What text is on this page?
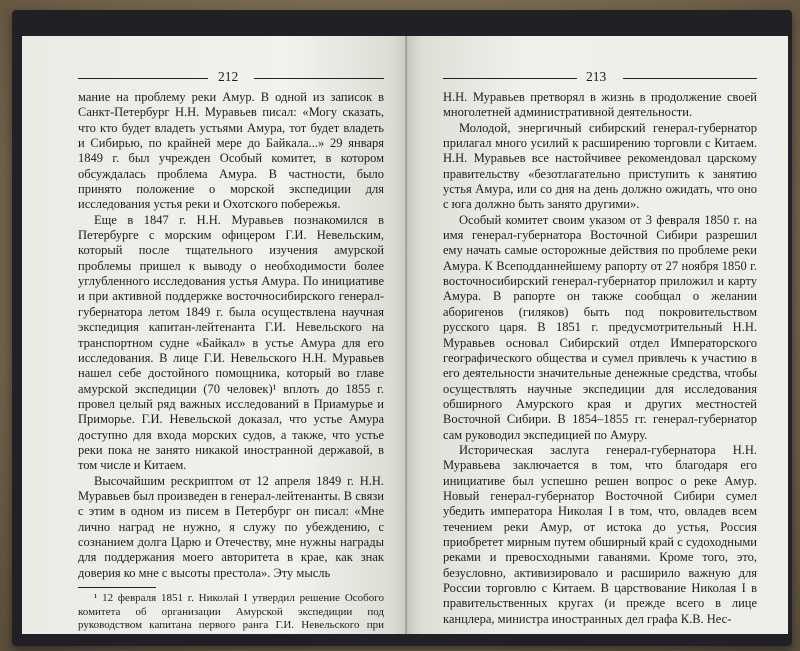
212

мание на проблему реки Амур. В одной из записок в Санкт-Петербург Н.Н. Муравьев писал: «Могу сказать, что кто будет владеть устьями Амура, тот будет владеть и Сибирью, по крайней мере до Байкала...» 29 января 1849 г. был учрежден Особый комитет, в котором обсуждалась проблема Амура. В частности, было принято положение о морской экспедиции для исследования устья реки и Охотского побережья.

Еще в 1847 г. Н.Н. Муравьев познакомился в Петербурге с морским офицером Г.И. Невельским, который после тщательного изучения амурской проблемы пришел к выводу о необходимости более углубленного исследования устья Амура. По инициативе и при активной поддержке восточносибирского генерал-губернатора летом 1849 г. была осуществлена научная экспедиция капитан-лейтенанта Г.И. Невельского на транспортном судне «Байкал» в устье Амура для его исследования. В лице Г.И. Невельского Н.Н. Муравьев нашел себе достойного помощника, который во главе амурской экспедиции (70 человек)¹ вплоть до 1855 г. провел целый ряд важных исследований в Приамурье и Приморье. Г.И. Невельской доказал, что устье Амура доступно для входа морских судов, а также, что устье реки пока не занято никакой иностранной державой, в том числе и Китаем.

Высочайшим рескриптом от 12 апреля 1849 г. Н.Н. Муравьев был произведен в генерал-лейтенанты. В связи с этим в одном из писем в Петербург он писал: «Мне лично наград не нужно, я служу по убеждению, с сознанием долга Царю и Отечеству, мне нужны награды для поддержания моего авторитета в крае, как знак доверия ко мне с высоты престола». Эту мысль

¹ 12 февраля 1851 г. Николай I утвердил решение Особого комитета об организации Амурской экспедиции под руководством капитана первого ранга Г.И. Невельского при надзоре генерал-губернатора Восточной Сибири.

213

Н.Н. Муравьев претворял в жизнь в продолжение своей многолетней административной деятельности.

Молодой, энергичный сибирский генерал-губернатор прилагал много усилий к расширению торговли с Китаем. Н.Н. Муравьев все настойчивее рекомендовал царскому правительству «безотлагательно приступить к занятию устья Амура, или со дня на день должно ожидать, что оно с юга должно быть занято другими».

Особый комитет своим указом от 3 февраля 1850 г. на имя генерал-губернатора Восточной Сибири разрешил ему начать самые осторожные действия по проблеме реки Амура. К Всеподданнейшему рапорту от 27 ноября 1850 г. восточносибирский генерал-губернатор приложил и карту Амура. В рапорте он также сообщал о желании аборигенов (гиляков) быть под покровительством русского царя. В 1851 г. предусмотрительный Н.Н. Муравьев основал Сибирский отдел Императорского географического общества и сумел привлечь к участию в его деятельности значительные денежные средства, чтобы осуществлять научные экспедиции для исследования обширного Амурского края и других местностей Восточной Сибири. В 1854–1855 гг. генерал-губернатор сам руководил экспедицией по Амуру.

Историческая заслуга генерал-губернатора Н.Н. Муравьева заключается в том, что благодаря его инициативе был успешно решен вопрос о реке Амур. Новый генерал-губернатор Восточной Сибири сумел убедить императора Николая I в том, что, овладев всем течением реки Амур, от истока до устья, Россия приобретет мирным путем обширный край с судоходными реками и превосходными гаванями. Кроме того, это, безусловно, активизировало и расширило важную для России торговлю с Китаем. В царствование Николая I в правительственных кругах (и прежде всего в лице канцлера, министра иностранных дел графа К.В. Нес-
